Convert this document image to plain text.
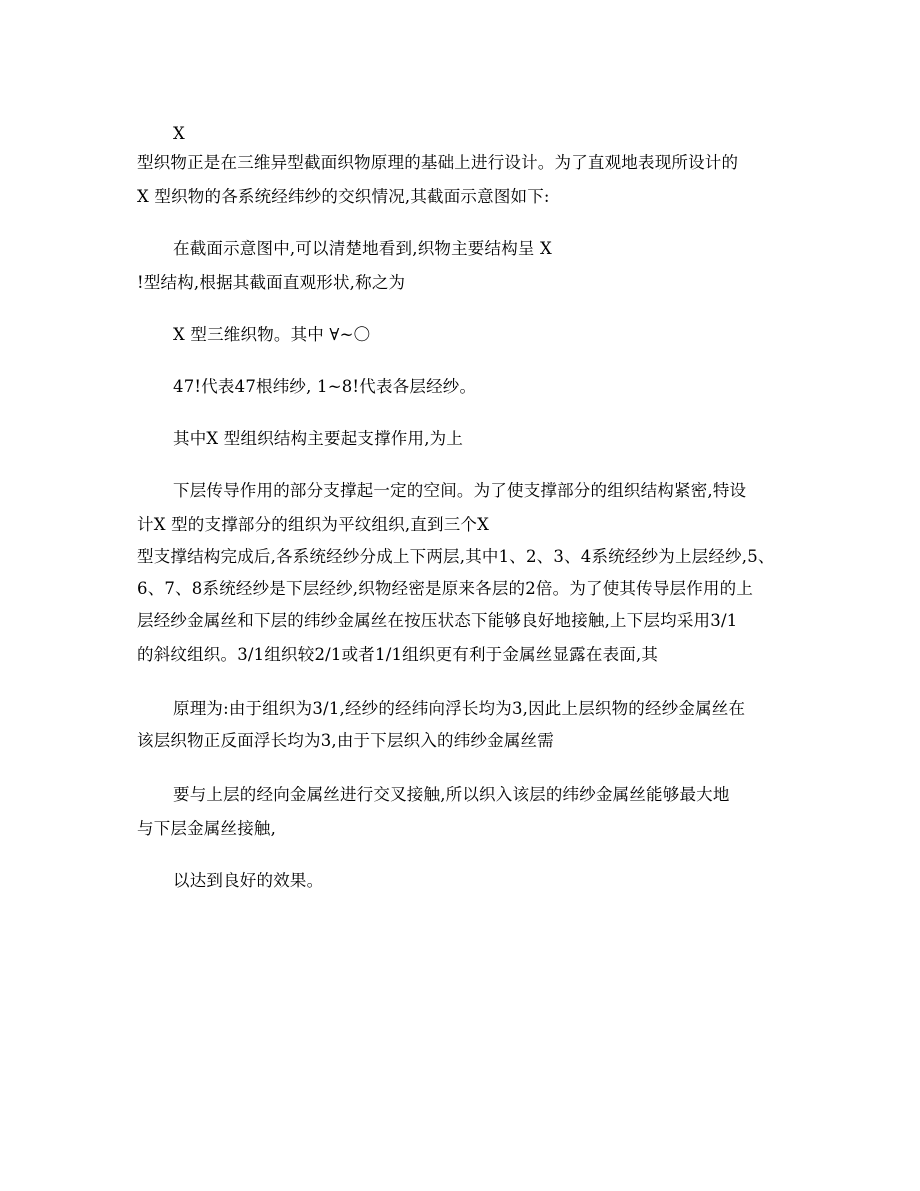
X
型织物正是在三维异型截面织物原理的基础上进行设计。为了直观地表现所设计的
X 型织物的各系统经纬纱的交织情况,其截面示意图如下:
在截面示意图中,可以清楚地看到,织物主要结构呈 X
!型结构,根据其截面直观形状,称之为
X 型三维织物。其中 ∀~〇
47!代表47根纬纱, 1~8!代表各层经纱。
其中X 型组织结构主要起支撑作用,为上
下层传导作用的部分支撑起一定的空间。为了使支撑部分的组织结构紧密,特设
计X 型的支撑部分的组织为平纹组织,直到三个X
型支撑结构完成后,各系统经纱分成上下两层,其中1、2、3、4系统经纱为上层经纱,5、
6、7、8系统经纱是下层经纱,织物经密是原来各层的2倍。为了使其传导层作用的上
层经纱金属丝和下层的纬纱金属丝在按压状态下能够良好地接触,上下层均采用3/1
的斜纹组织。3/1组织较2/1或者1/1组织更有利于金属丝显露在表面,其
原理为:由于组织为3/1,经纱的经纬向浮长均为3,因此上层织物的经纱金属丝在
该层织物正反面浮长均为3,由于下层织入的纬纱金属丝需
要与上层的经向金属丝进行交叉接触,所以织入该层的纬纱金属丝能够最大地
与下层金属丝接触,
以达到良好的效果。
